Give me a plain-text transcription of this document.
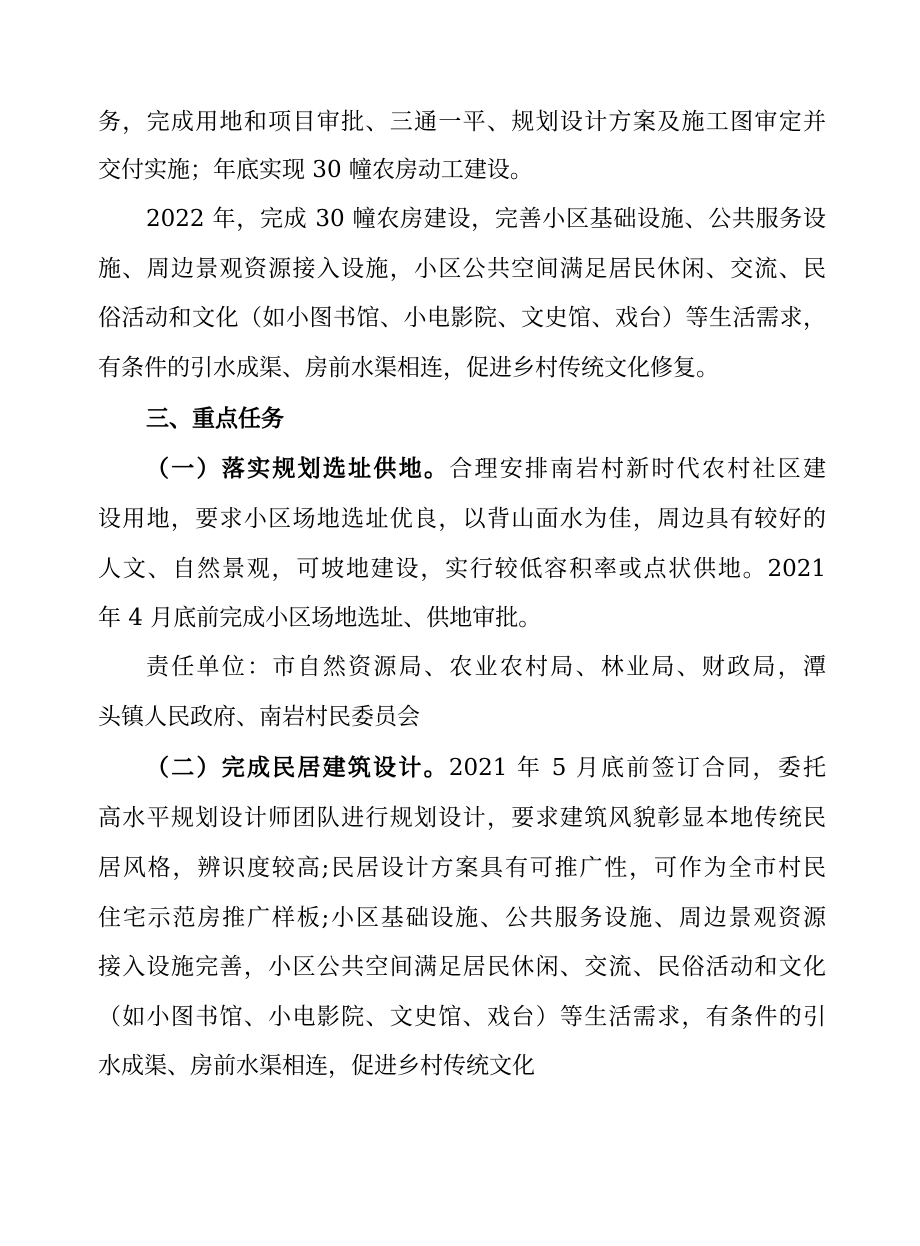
务，完成用地和项目审批、三通一平、规划设计方案及施工图审定并
交付实施；年底实现 30 幢农房动工建设。
2022 年，完成 30 幢农房建设，完善小区基础设施、公共服务设
施、周边景观资源接入设施，小区公共空间满足居民休闲、交流、民
俗活动和文化（如小图书馆、小电影院、文史馆、戏台）等生活需求，
有条件的引水成渠、房前水渠相连，促进乡村传统文化修复。
三、重点任务
（一）落实规划选址供地。合理安排南岩村新时代农村社区建
设用地，要求小区场地选址优良，以背山面水为佳，周边具有较好的
人文、自然景观，可坡地建设，实行较低容积率或点状供地。2021
年 4 月底前完成小区场地选址、供地审批。
责任单位：市自然资源局、农业农村局、林业局、财政局，潭
头镇人民政府、南岩村民委员会
（二）完成民居建筑设计。2021 年 5 月底前签订合同，委托
高水平规划设计师团队进行规划设计，要求建筑风貌彰显本地传统民
居风格，辨识度较高;民居设计方案具有可推广性，可作为全市村民
住宅示范房推广样板;小区基础设施、公共服务设施、周边景观资源
接入设施完善，小区公共空间满足居民休闲、交流、民俗活动和文化
（如小图书馆、小电影院、文史馆、戏台）等生活需求，有条件的引
水成渠、房前水渠相连，促进乡村传统文化
